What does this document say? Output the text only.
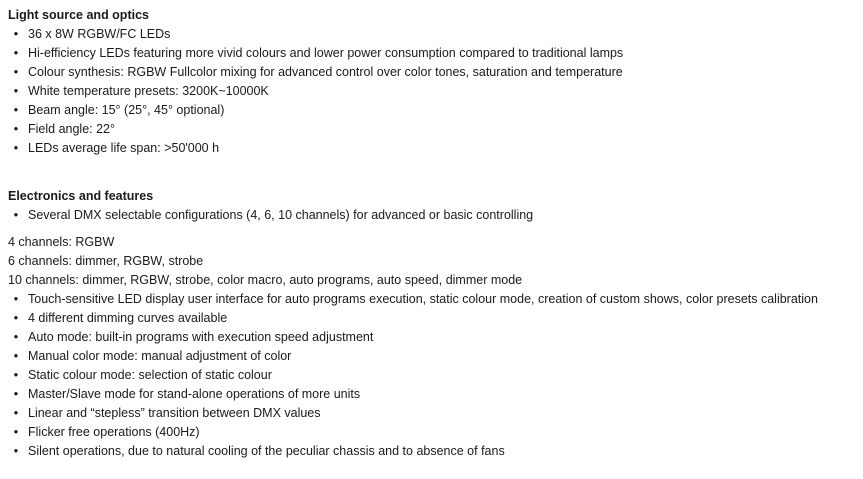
Light source and optics
• 36 x 8W RGBW/FC LEDs
• Hi-efficiency LEDs featuring more vivid colours and lower power consumption compared to traditional lamps
• Colour synthesis: RGBW Fullcolor mixing for advanced control over color tones, saturation and temperature
• White temperature presets: 3200K~10000K
• Beam angle: 15° (25°, 45° optional)
• Field angle: 22°
• LEDs average life span: >50'000 h
Electronics and features
• Several DMX selectable configurations (4, 6, 10 channels) for advanced or basic controlling
4 channels: RGBW
6 channels: dimmer, RGBW, strobe
10 channels: dimmer, RGBW, strobe, color macro, auto programs, auto speed, dimmer mode
• Touch-sensitive LED display user interface for auto programs execution, static colour mode, creation of custom shows, color presets calibration
• 4 different dimming curves available
• Auto mode: built-in programs with execution speed adjustment
• Manual color mode: manual adjustment of color
• Static colour mode: selection of static colour
• Master/Slave mode for stand-alone operations of more units
• Linear and “stepless” transition between DMX values
• Flicker free operations (400Hz)
• Silent operations, due to natural cooling of the peculiar chassis and to absence of fans
